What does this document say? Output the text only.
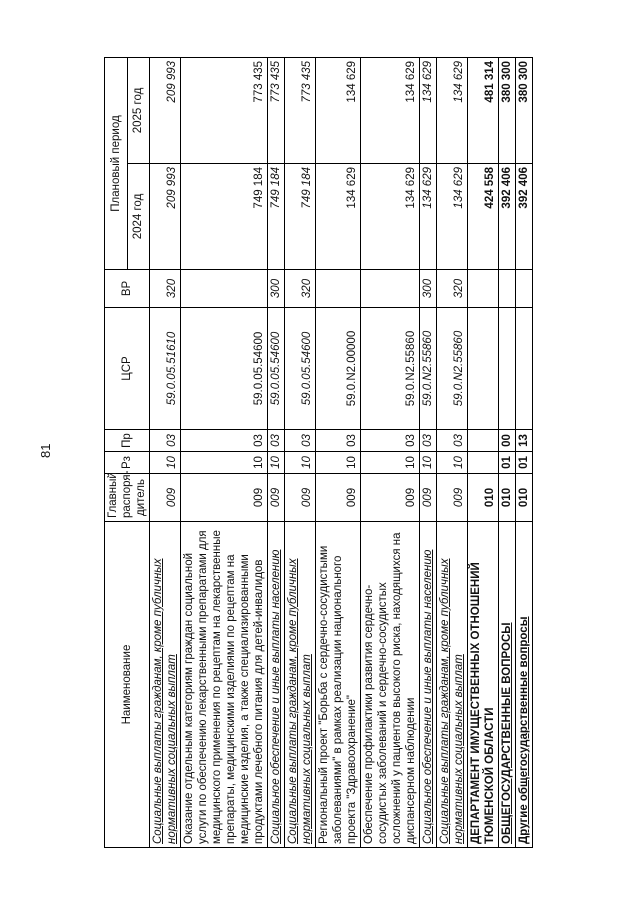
81
Наименование	Главный распоря-дитель	Рз	Пр	ЦСР	ВР	Плановый период	
						2024 год	2025 год
Социальные выплаты гражданам, кроме публичных нормативных социальных выплат	009	10	03	59.0.05.51610	320	209 993	209 993
Оказание отдельным категориям граждан социальной услуги по обеспечению лекарственными препаратами для медицинского применения по рецептам на лекарственные препараты, медицинскими изделиями по рецептам на медицинские изделия, а также специализированными продуктами лечебного питания для детей-инвалидов	009	10	03	59.0.05.54600		749 184	773 435
Социальное обеспечение и иные выплаты населению	009	10	03	59.0.05.54600	300	749 184	773 435
Социальные выплаты гражданам, кроме публичных нормативных социальных выплат	009	10	03	59.0.05.54600	320	749 184	773 435
Региональный проект "Борьба с сердечно-сосудистыми заболеваниями" в рамках реализации национального проекта "Здравоохранение"	009	10	03	59.0.N2.00000		134 629	134 629
Обеспечение профилактики развития сердечно-сосудистых заболеваний и сердечно-сосудистых осложнений у пациентов высокого риска, находящихся на диспансерном наблюдении	009	10	03	59.0.N2.55860		134 629	134 629
Социальное обеспечение и иные выплаты населению	009	10	03	59.0.N2.55860	300	134 629	134 629
Социальные выплаты гражданам, кроме публичных нормативных социальных выплат	009	10	03	59.0.N2.55860	320	134 629	134 629
ДЕПАРТАМЕНТ ИМУЩЕСТВЕННЫХ ОТНОШЕНИЙ ТЮМЕНСКОЙ ОБЛАСТИ	010					424 558	481 314
ОБЩЕГОСУДАРСТВЕННЫЕ ВОПРОСЫ	010	01	00			392 406	380 300
Другие общегосударственные вопросы	010	01	13			392 406	380 300
